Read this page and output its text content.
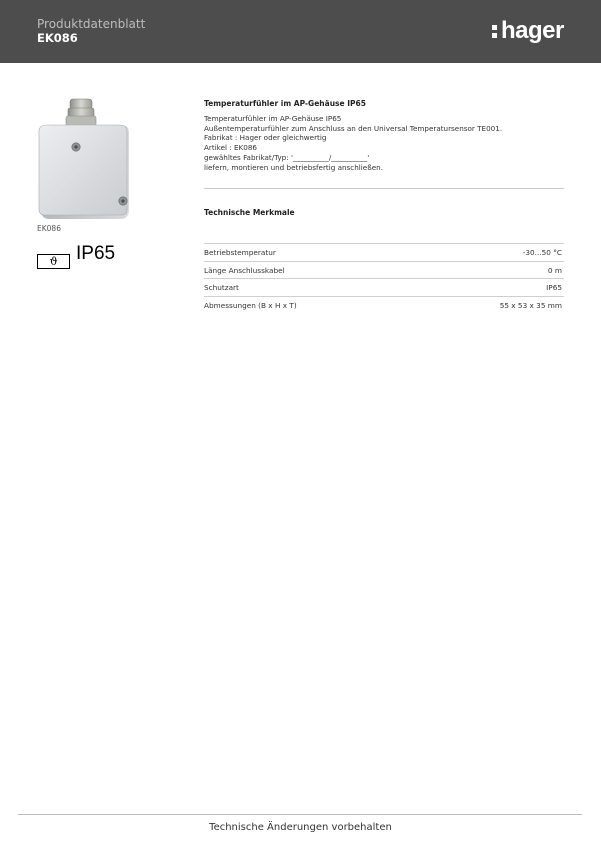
Produktdatenblatt
EK086	hager
EK086
ϑ IP65
Temperaturfühler im AP-Gehäuse IP65
Temperaturfühler im AP-Gehäuse IP65
Außentemperaturfühler zum Anschluss an den Universal Temperatursensor TE001.
Fabrikat : Hager oder gleichwertig
Artikel : EK086
gewähltes Fabrikat/Typ: '__________/__________'
liefern, montieren und betriebsfertig anschließen.
Technische Merkmale
Betriebstemperatur	-30...50 °C
Länge Anschlusskabel	0 m
Schutzart	IP65
Abmessungen (B x H x T)	55 x 53 x 35 mm
Technische Änderungen vorbehalten
